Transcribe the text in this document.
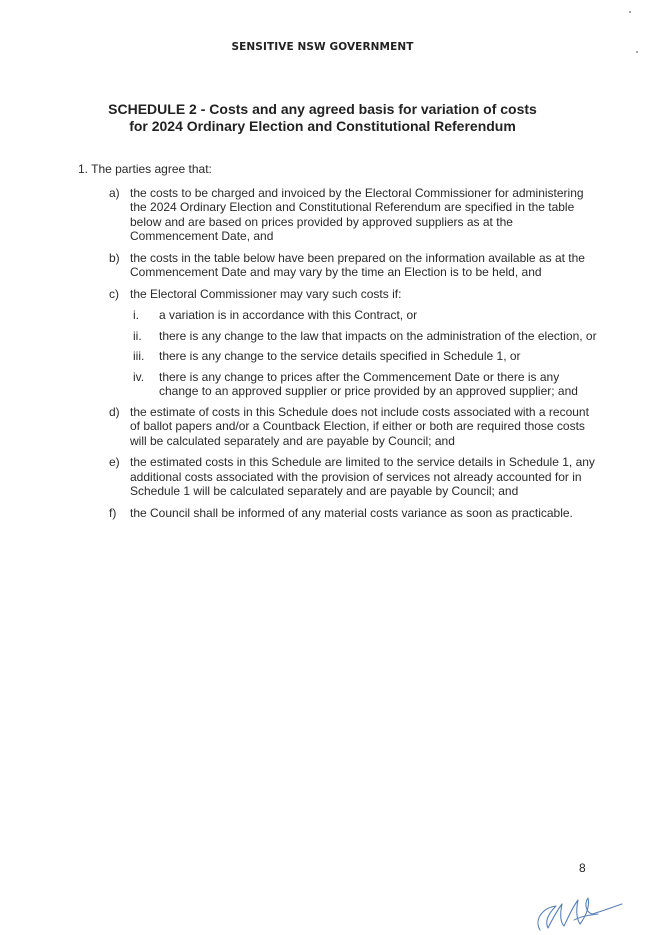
SENSITIVE NSW GOVERNMENT
SCHEDULE 2 - Costs and any agreed basis for variation of costs
for 2024 Ordinary Election and Constitutional Referendum
1. The parties agree that:
a) the costs to be charged and invoiced by the Electoral Commissioner for administering the 2024 Ordinary Election and Constitutional Referendum are specified in the table below and are based on prices provided by approved suppliers as at the Commencement Date, and
b) the costs in the table below have been prepared on the information available as at the Commencement Date and may vary by the time an Election is to be held, and
c) the Electoral Commissioner may vary such costs if:
i. a variation is in accordance with this Contract, or
ii. there is any change to the law that impacts on the administration of the election, or
iii. there is any change to the service details specified in Schedule 1, or
iv. there is any change to prices after the Commencement Date or there is any change to an approved supplier or price provided by an approved supplier; and
d) the estimate of costs in this Schedule does not include costs associated with a recount of ballot papers and/or a Countback Election, if either or both are required those costs will be calculated separately and are payable by Council; and
e) the estimated costs in this Schedule are limited to the service details in Schedule 1, any additional costs associated with the provision of services not already accounted for in Schedule 1 will be calculated separately and are payable by Council; and
f) the Council shall be informed of any material costs variance as soon as practicable.
8
